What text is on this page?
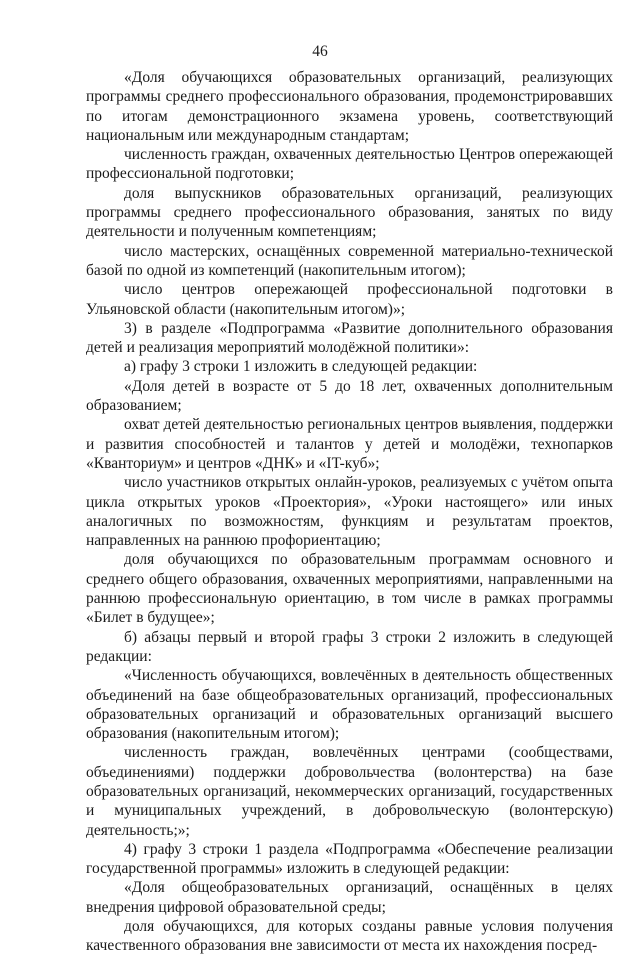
46

«Доля обучающихся образовательных организаций, реализующих программы среднего профессионального образования, продемонстрировавших по итогам демонстрационного экзамена уровень, соответствующий национальным или международным стандартам;

численность граждан, охваченных деятельностью Центров опережающей профессиональной подготовки;

доля выпускников образовательных организаций, реализующих программы среднего профессионального образования, занятых по виду деятельности и полученным компетенциям;

число мастерских, оснащённых современной материально-технической базой по одной из компетенций (накопительным итогом);

число центров опережающей профессиональной подготовки в Ульяновской области (накопительным итогом)»;

3) в разделе «Подпрограмма «Развитие дополнительного образования детей и реализация мероприятий молодёжной политики»:

а) графу 3 строки 1 изложить в следующей редакции:

«Доля детей в возрасте от 5 до 18 лет, охваченных дополнительным образованием;

охват детей деятельностью региональных центров выявления, поддержки и развития способностей и талантов у детей и молодёжи, технопарков «Кванториум» и центров «ДНК» и «IT-куб»;

число участников открытых онлайн-уроков, реализуемых с учётом опыта цикла открытых уроков «Проектория», «Уроки настоящего» или иных аналогичных по возможностям, функциям и результатам проектов, направленных на раннюю профориентацию;

доля обучающихся по образовательным программам основного и среднего общего образования, охваченных мероприятиями, направленными на раннюю профессиональную ориентацию, в том числе в рамках программы «Билет в будущее»;

б) абзацы первый и второй графы 3 строки 2 изложить в следующей редакции:

«Численность обучающихся, вовлечённых в деятельность общественных объединений на базе общеобразовательных организаций, профессиональных образовательных организаций и образовательных организаций высшего образования (накопительным итогом);

численность граждан, вовлечённых центрами (сообществами, объединениями) поддержки добровольчества (волонтерства) на базе образовательных организаций, некоммерческих организаций, государственных и муниципальных учреждений, в добровольческую (волонтерскую) деятельность;»;

4) графу 3 строки 1 раздела «Подпрограмма «Обеспечение реализации государственной программы» изложить в следующей редакции:

«Доля общеобразовательных организаций, оснащённых в целях внедрения цифровой образовательной среды;

доля обучающихся, для которых созданы равные условия получения качественного образования вне зависимости от места их нахождения посред-
